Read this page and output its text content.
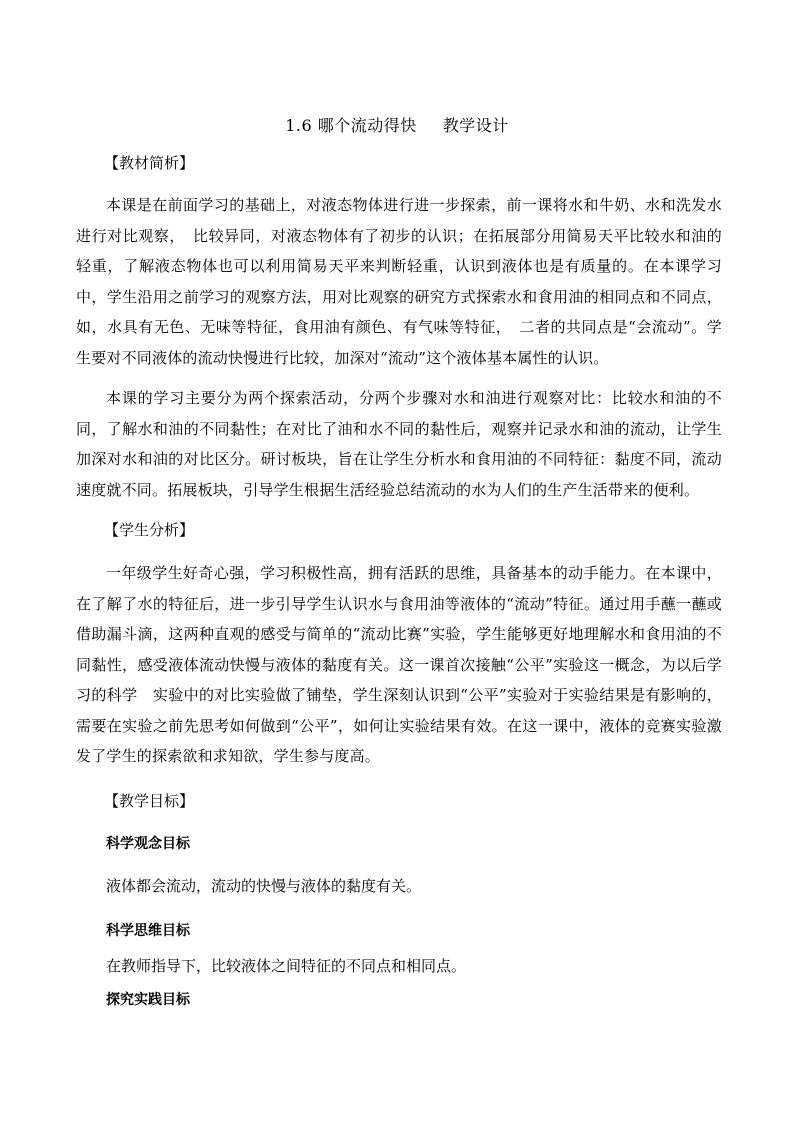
1.6 哪个流动得快 教学设计
【教材简析】
本课是在前面学习的基础上，对液态物体进行进一步探索，前一课将水和牛奶、水和洗发水进行对比观察，　比较异同，对液态物体有了初步的认识；在拓展部分用简易天平比较水和油的轻重，了解液态物体也可以利用简易天平来判断轻重，认识到液体也是有质量的。在本课学习中，学生沿用之前学习的观察方法，用对比观察的研究方式探索水和食用油的相同点和不同点，如，水具有无色、无味等特征，食用油有颜色、有气味等特征，　二者的共同点是“会流动”。学生要对不同液体的流动快慢进行比较，加深对“流动”这个液体基本属性的认识。
本课的学习主要分为两个探索活动，分两个步骤对水和油进行观察对比：比较水和油的不同，了解水和油的不同黏性；在对比了油和水不同的黏性后，观察并记录水和油的流动，让学生加深对水和油的对比区分。研讨板块，旨在让学生分析水和食用油的不同特征：黏度不同，流动速度就不同。拓展板块，引导学生根据生活经验总结流动的水为人们的生产生活带来的便利。
【学生分析】
一年级学生好奇心强，学习积极性高，拥有活跃的思维，具备基本的动手能力。在本课中，在了解了水的特征后，进一步引导学生认识水与食用油等液体的“流动”特征。通过用手蘸一蘸或借助漏斗滴，这两种直观的感受与简单的“流动比赛”实验，学生能够更好地理解水和食用油的不同黏性，感受液体流动快慢与液体的黏度有关。这一课首次接触“公平”实验这一概念，为以后学习的科学　实验中的对比实验做了铺垫，学生深刻认识到“公平”实验对于实验结果是有影响的，需要在实验之前先思考如何做到“公平”，如何让实验结果有效。在这一课中，液体的竞赛实验激发了学生的探索欲和求知欲，学生参与度高。
【教学目标】
科学观念目标
液体都会流动，流动的快慢与液体的黏度有关。
科学思维目标
在教师指导下，比较液体之间特征的不同点和相同点。
探究实践目标
